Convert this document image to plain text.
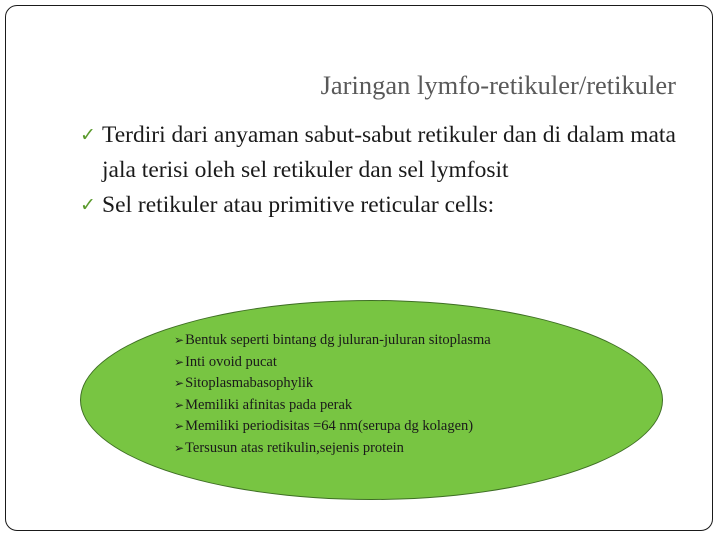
Jaringan lymfo-retikuler/retikuler
✓ Terdiri dari anyaman sabut-sabut retikuler dan di dalam mata jala terisi oleh sel retikuler dan sel lymfosit
✓ Sel retikuler atau primitive reticular cells:
➢Bentuk seperti bintang dg juluran-juluran sitoplasma
➢Inti ovoid pucat
➢Sitoplasmabasophylik
➢Memiliki afinitas pada perak
➢Memiliki periodisitas =64 nm(serupa dg kolagen)
➢Tersusun atas retikulin,sejenis protein
